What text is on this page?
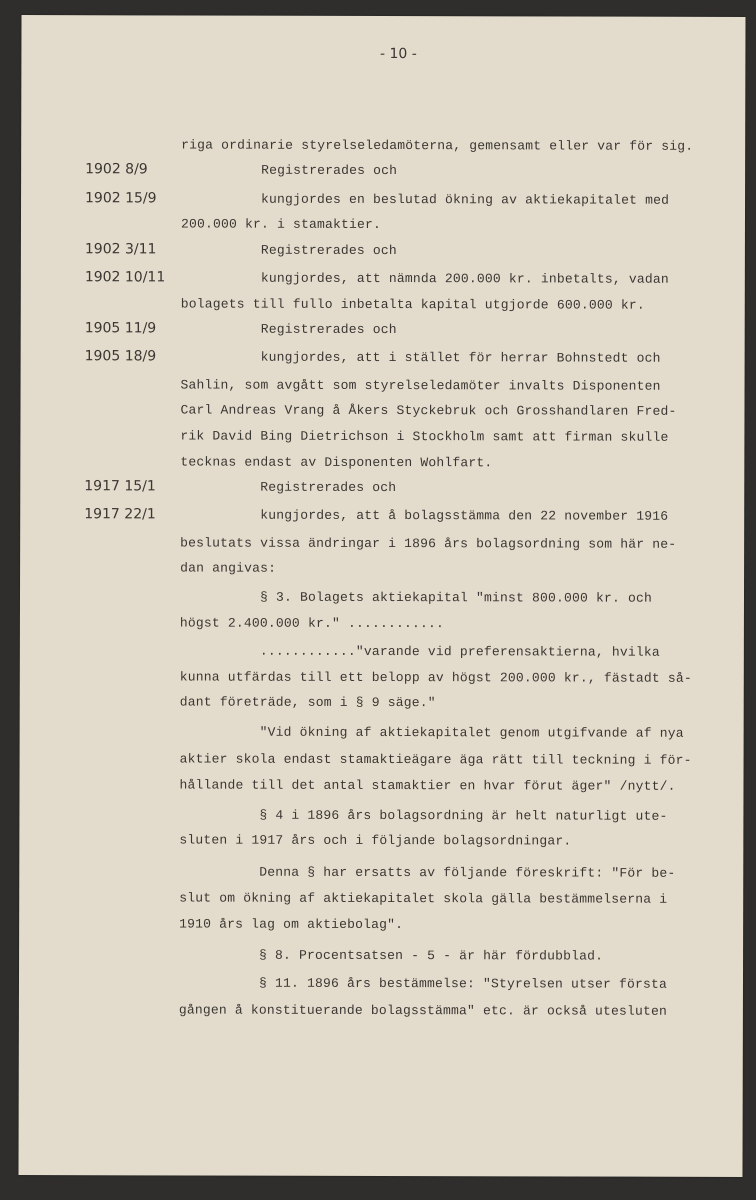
- 10 -
riga ordinarie styrelseledamöterna, gemensamt eller var för sig.
1902 8/9	Registrerades och
1902 15/9	kungjordes en beslutad ökning av aktiekapitalet med
200.000 kr. i stamaktier.
1902 3/11	Registrerades och
1902 10/11	kungjordes, att nämnda 200.000 kr. inbetalts, vadan
bolagets till fullo inbetalta kapital utgjorde 600.000 kr.
1905 11/9	Registrerades och
1905 18/9	kungjordes, att i stället för herrar Bohnstedt och
Sahlin, som avgått som styrelseledamöter invalts Disponenten
Carl Andreas Vrang å Åkers Styckebruk och Grosshandlaren Fred-
rik David Bing Dietrichson i Stockholm samt att firman skulle
tecknas endast av Disponenten Wohlfart.
1917 15/1	Registrerades och
1917 22/1	kungjordes, att å bolagsstämma den 22 november 1916
beslutats vissa ändringar i 1896 års bolagsordning som här ne-
dan angivas:
§ 3. Bolagets aktiekapital "minst 800.000 kr. och
högst 2.400.000 kr." ............
............"varande vid preferensaktierna, hvilka
kunna utfärdas till ett belopp av högst 200.000 kr., fästadt så-
dant företräde, som i § 9 säge."
"Vid ökning af aktiekapitalet genom utgifvande af nya
aktier skola endast stamaktieägare äga rätt till teckning i för-
hållande till det antal stamaktier en hvar förut äger" /nytt/.
§ 4 i 1896 års bolagsordning är helt naturligt ute-
sluten i 1917 års och i följande bolagsordningar.
Denna § har ersatts av följande föreskrift: "För be-
slut om ökning af aktiekapitalet skola gälla bestämmelserna i
1910 års lag om aktiebolag".
§ 8. Procentsatsen - 5 - är här fördubblad.
§ 11. 1896 års bestämmelse: "Styrelsen utser första
gången å konstituerande bolagsstämma" etc. är också utesluten
